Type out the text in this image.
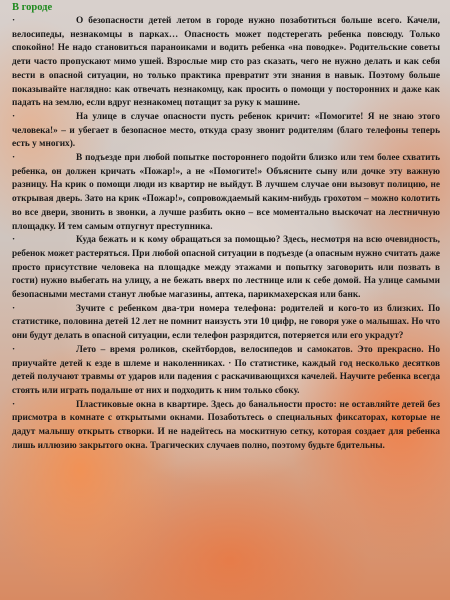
В городе

·	О безопасности детей летом в городе нужно позаботиться больше всего. Качели, велосипеды, незнакомцы в парках… Опасность может подстерегать ребенка повсюду. Только спокойно! Не надо становиться параноиками и водить ребенка «на поводке». Родительские советы дети часто пропускают мимо ушей. Взрослые мир сто раз сказать, чего не нужно делать и как себя вести в опасной ситуации, но только практика превратит эти знания в навык. Поэтому больше показывайте наглядно: как отвечать незнакомцу, как просить о помощи у посторонних и даже как падать на землю, если вдруг незнакомец потащит за руку к машине.

·	На улице в случае опасности пусть ребенок кричит: «Помогите! Я не знаю этого человека!» – и убегает в безопасное место, откуда сразу звонит родителям (благо телефоны теперь есть у многих).

·	В подъезде при любой попытке постороннего подойти близко или тем более схватить ребенка, он должен кричать «Пожар!», а не «Помогите!» Объясните сыну или дочке эту важную разницу. На крик о помощи люди из квартир не выйдут. В лучшем случае они вызовут полицию, не открывая дверь. Зато на крик «Пожар!», сопровождаемый каким-нибудь грохотом – можно колотить во все двери, звонить в звонки, а лучше разбить окно – все моментально выскочат на лестничную площадку. И тем самым отпугнут преступника.

·	Куда бежать и к кому обращаться за помощью? Здесь, несмотря на всю очевидность, ребенок может растеряться. При любой опасной ситуации в подъезде (а опасным нужно считать даже просто присутствие человека на площадке между этажами и попытку заговорить или позвать в гости) нужно выбегать на улицу, а не бежать вверх по лестнице или к себе домой. На улице самыми безопасными местами станут любые магазины, аптека, парикмахерская или банк.

·	Зучите с ребенком два-три номера телефона: родителей и кого-то из близких. По статистике, половина детей 12 лет не помнит наизусть эти 10 цифр, не говоря уже о малышах. Но что они будут делать в опасной ситуации, если телефон разрядится, потеряется или его украдут?

·	Лето – время роликов, скейтбордов, велосипедов и самокатов. Это прекрасно. Но приучайте детей к езде в шлеме и наколенниках. · По статистике, каждый год несколько десятков детей получают травмы от ударов или падения с раскачивающихся качелей. Научите ребенка всегда стоять или играть подальше от них и подходить к ним только сбоку.

·	Пластиковые окна в квартире. Здесь до банальности просто: не оставляйте детей без присмотра в комнате с открытыми окнами. Позаботьтесь о специальных фиксаторах, которые не дадут малышу открыть створки. И не надейтесь на москитную сетку, которая создает для ребенка лишь иллюзию закрытого окна. Трагических случаев полно, поэтому будьте бдительны.
